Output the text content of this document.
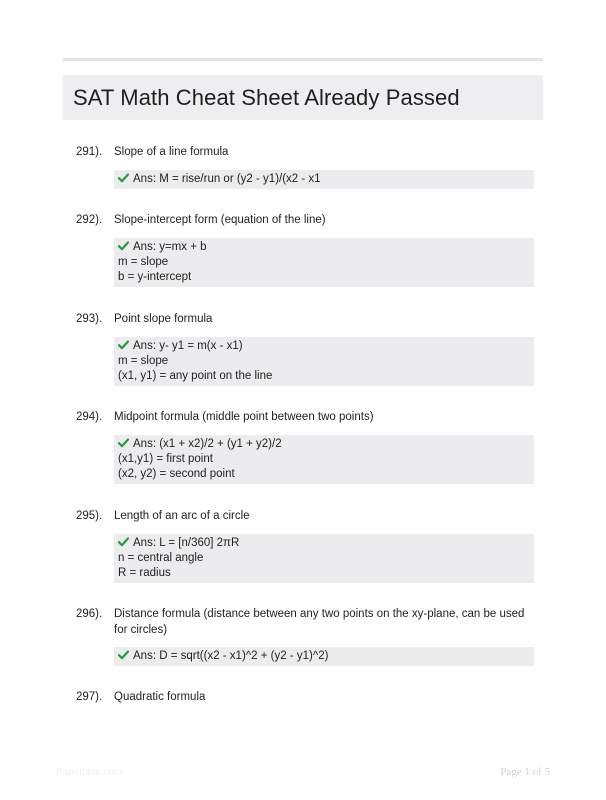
SAT Math Cheat Sheet Already Passed
291). Slope of a line formula
Ans: M = rise/run or (y2 - y1)/(x2 - x1
292). Slope-intercept form (equation of the line)
Ans: y=mx + b
m = slope
b = y-intercept
293). Point slope formula
Ans: y- y1 = m(x - x1)
m = slope
(x1, y1) = any point on the line
294). Midpoint formula (middle point between two points)
Ans: (x1 + x2)/2 + (y1 + y2)/2
(x1,y1) = first point
(x2, y2) = second point
295). Length of an arc of a circle
Ans: L = [n/360] 2πR
n = central angle
R = radius
296). Distance formula (distance between any two points on the xy-plane, can be used for circles)
Ans: D = sqrt((x2 - x1)^2 + (y2 - y1)^2)
297). Quadratic formula
Papertibic.com	Page 1 of 5
